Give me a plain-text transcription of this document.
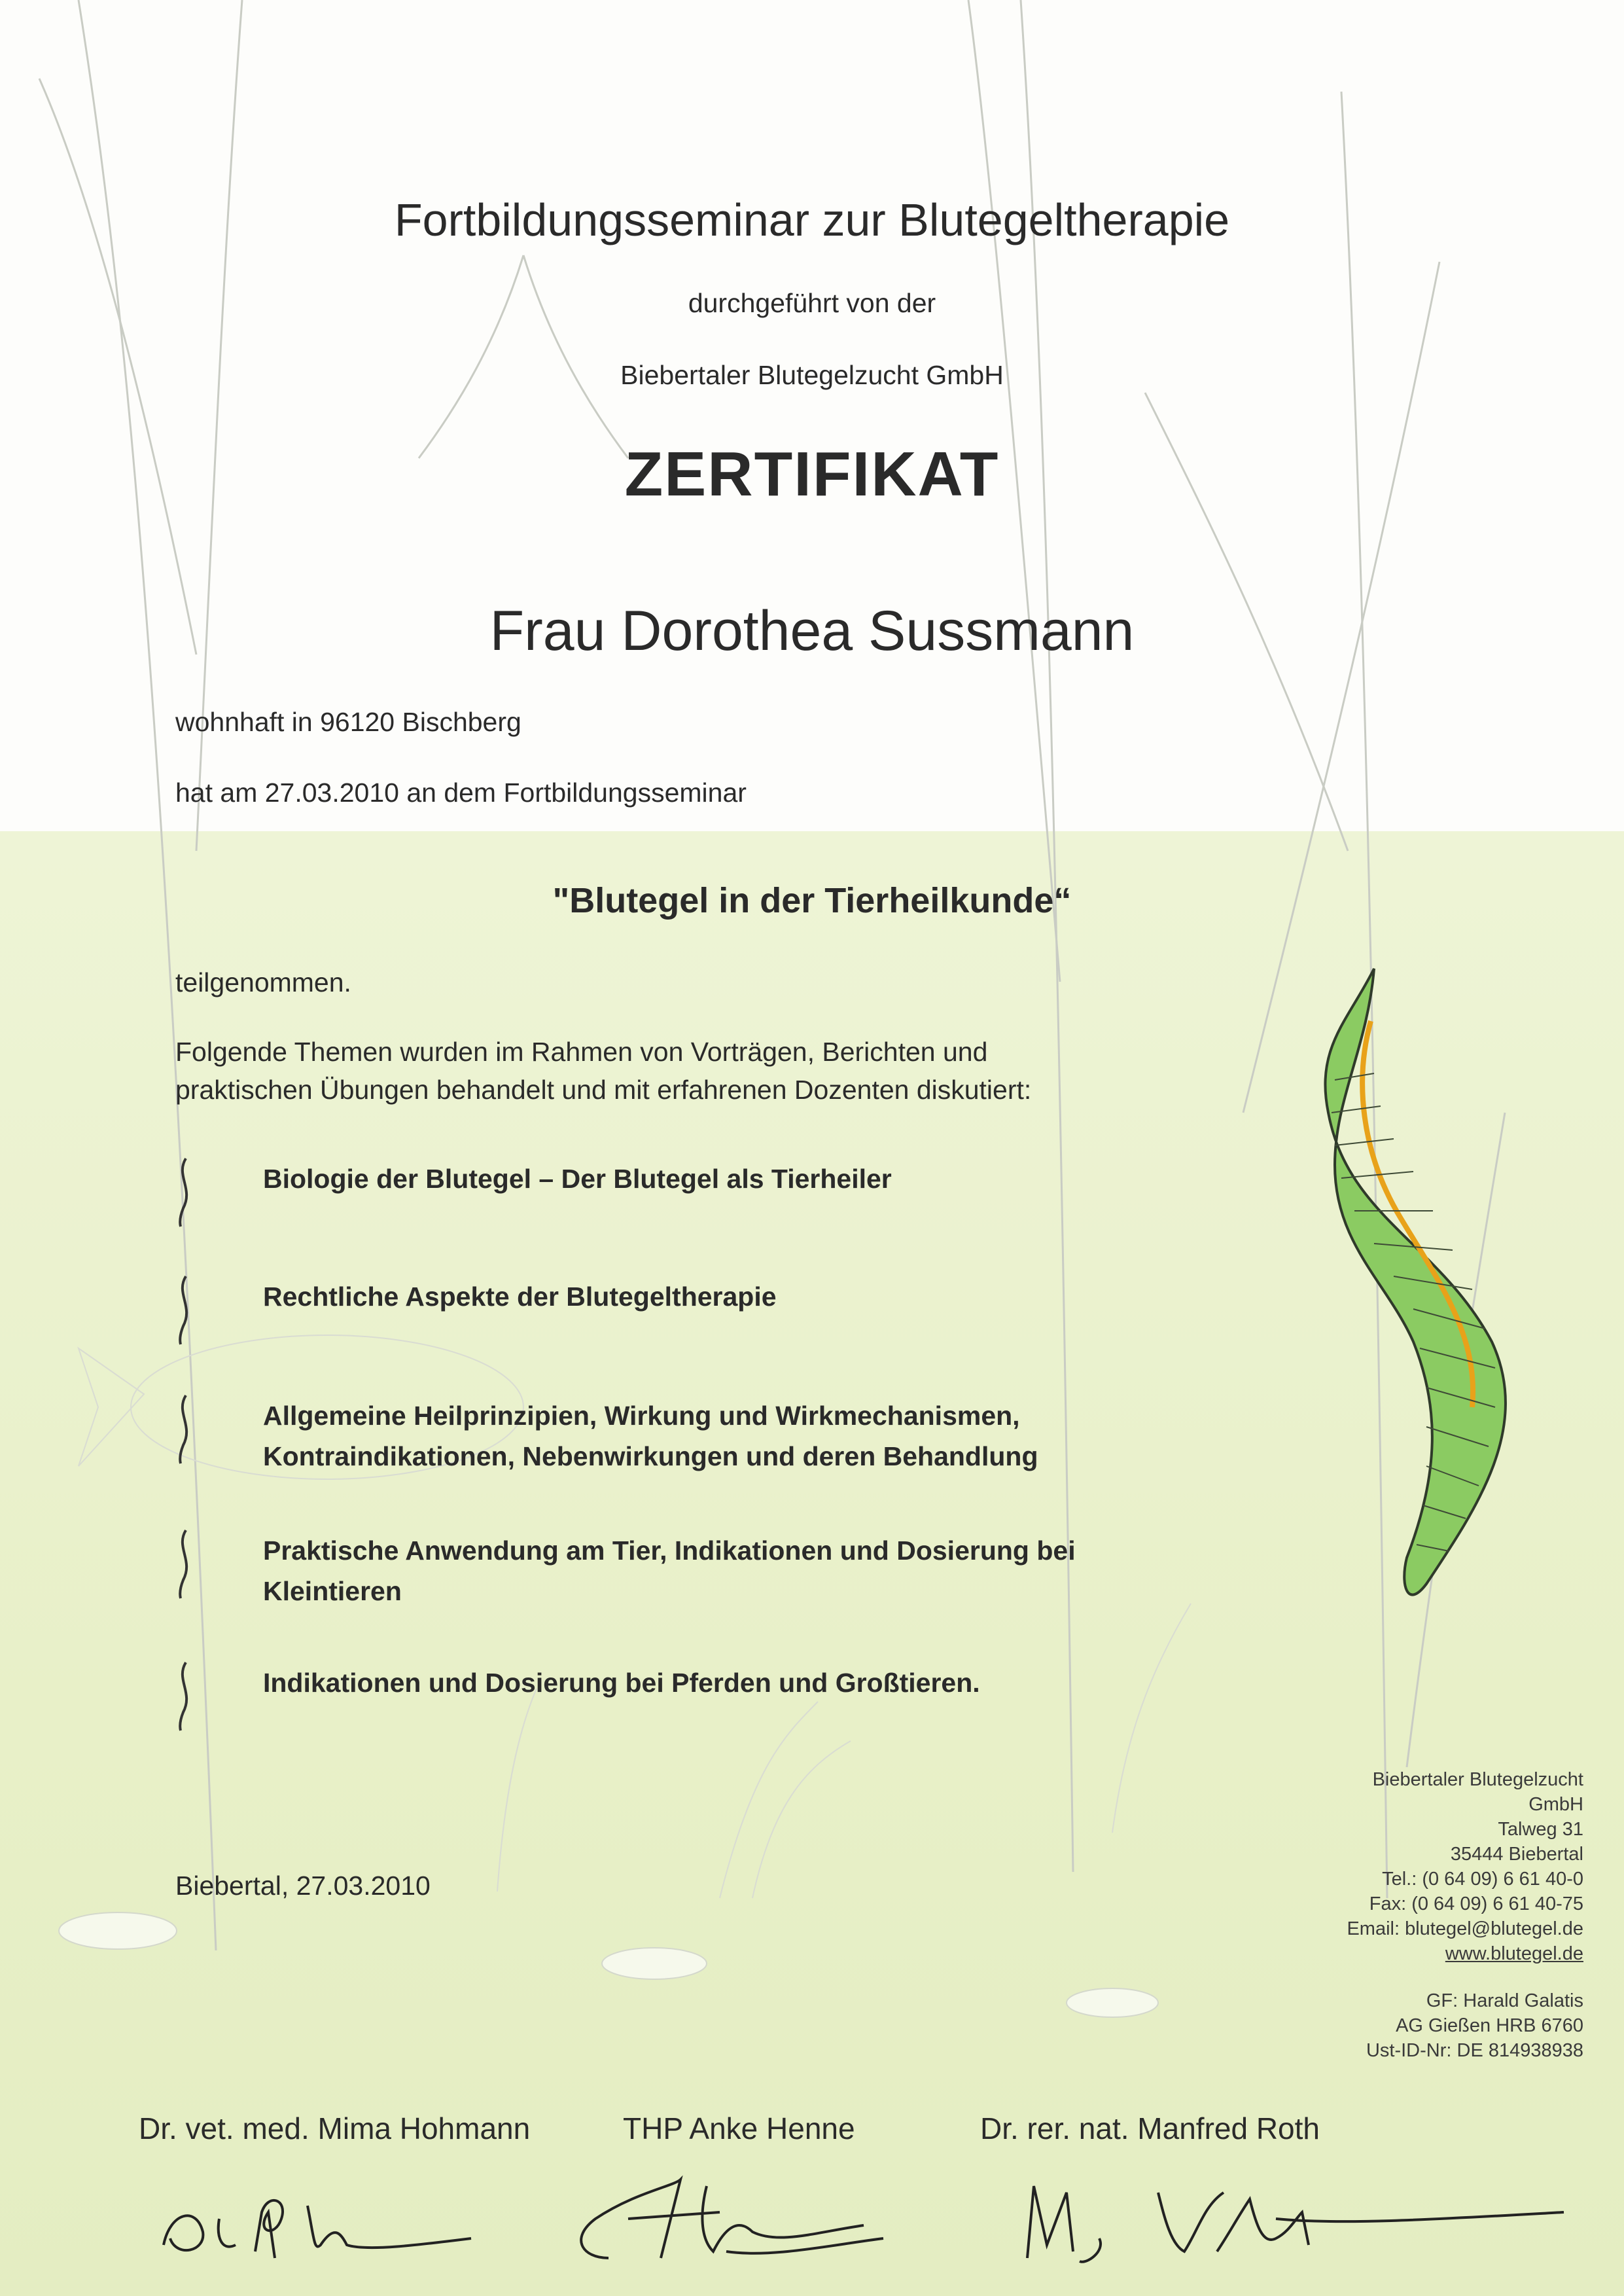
Fortbildungsseminar zur Blutegeltherapie

durchgeführt von der

Biebertaler Blutegelzucht GmbH

ZERTIFIKAT

Frau Dorothea Sussmann

wohnhaft in 96120 Bischberg

hat am 27.03.2010 an dem Fortbildungsseminar

"Blutegel in der Tierheilkunde“

teilgenommen.

Folgende Themen wurden im Rahmen von Vorträgen, Berichten und

praktischen Übungen behandelt und mit erfahrenen Dozenten diskutiert:

Biologie der Blutegel – Der Blutegel als Tierheiler
Rechtliche Aspekte der Blutegeltherapie
Allgemeine Heilprinzipien, Wirkung und Wirkmechanismen, Kontraindikationen, Nebenwirkungen und deren Behandlung
Praktische Anwendung am Tier, Indikationen und Dosierung bei Kleintieren
Indikationen und Dosierung bei Pferden und Großtieren.

Biebertal, 27.03.2010

Biebertaler Blutegelzucht
GmbH
Talweg 31
35444 Biebertal
Tel.: (0 64 09) 6 61 40-0
Fax: (0 64 09) 6 61 40-75
Email: blutegel@blutegel.de
www.blutegel.de
GF: Harald Galatis
AG Gießen HRB 6760
Ust-ID-Nr: DE 814938938

Dr. vet. med. Mima Hohmann	THP Anke Henne	Dr. rer. nat. Manfred Roth
